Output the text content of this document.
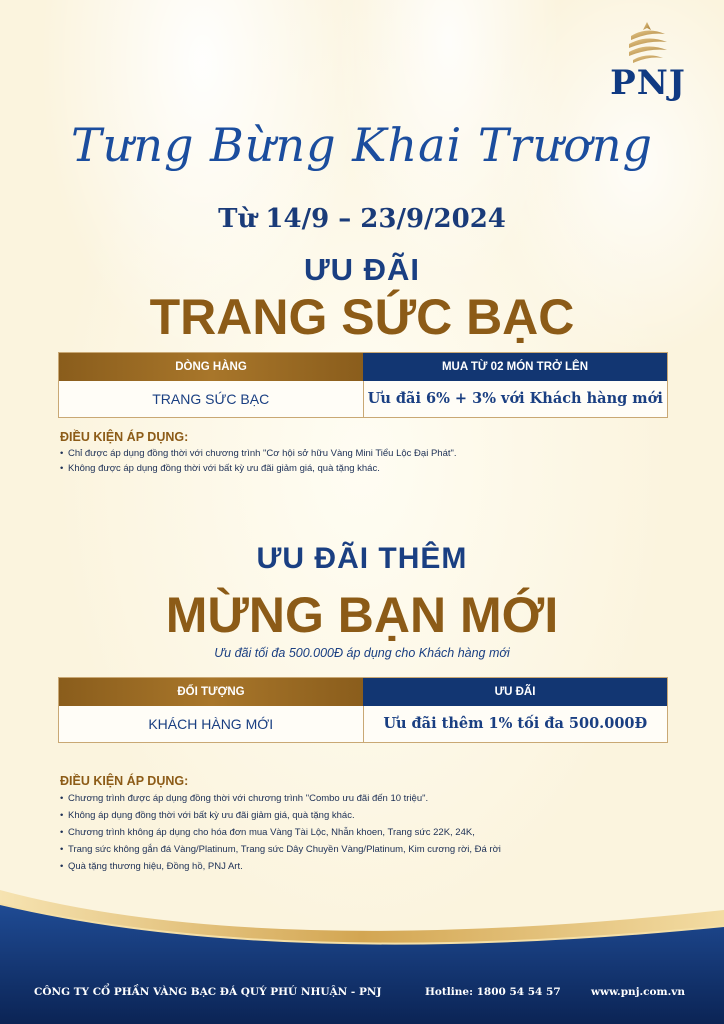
PNJ
Tưng Bừng Khai Trương
Từ 14/9 – 23/9/2024
ƯU ĐÃI
TRANG SỨC BẠC
DÒNG HÀNG	MUA TỪ 02 MÓN TRỞ LÊN
TRANG SỨC BẠC	Ưu đãi 6% + 3% với Khách hàng mới
ĐIỀU KIỆN ÁP DỤNG:
• Chỉ được áp dụng đồng thời với chương trình "Cơ hội sở hữu Vàng Mini Tiểu Lộc Đại Phát".
• Không được áp dụng đồng thời với bất kỳ ưu đãi giảm giá, quà tặng khác.
ƯU ĐÃI THÊM
MỪNG BẠN MỚI
Ưu đãi tối đa 500.000Đ áp dụng cho Khách hàng mới
ĐỐI TƯỢNG	ƯU ĐÃI
KHÁCH HÀNG MỚI	Ưu đãi thêm 1% tối đa 500.000Đ
ĐIỀU KIỆN ÁP DỤNG:
• Chương trình được áp dụng đồng thời với chương trình "Combo ưu đãi đến 10 triệu".
• Không áp dụng đồng thời với bất kỳ ưu đãi giảm giá, quà tặng khác.
• Chương trình không áp dụng cho hóa đơn mua Vàng Tài Lộc, Nhẫn khoen, Trang sức 22K, 24K,
• Trang sức không gắn đá Vàng/Platinum, Trang sức Dây Chuyền Vàng/Platinum, Kim cương rời, Đá rời
• Quà tặng thương hiệu, Đồng hồ, PNJ Art.
CÔNG TY CỔ PHẦN VÀNG BẠC ĐÁ QUÝ PHÚ NHUẬN - PNJ	Hotline: 1800 54 54 57	www.pnj.com.vn
